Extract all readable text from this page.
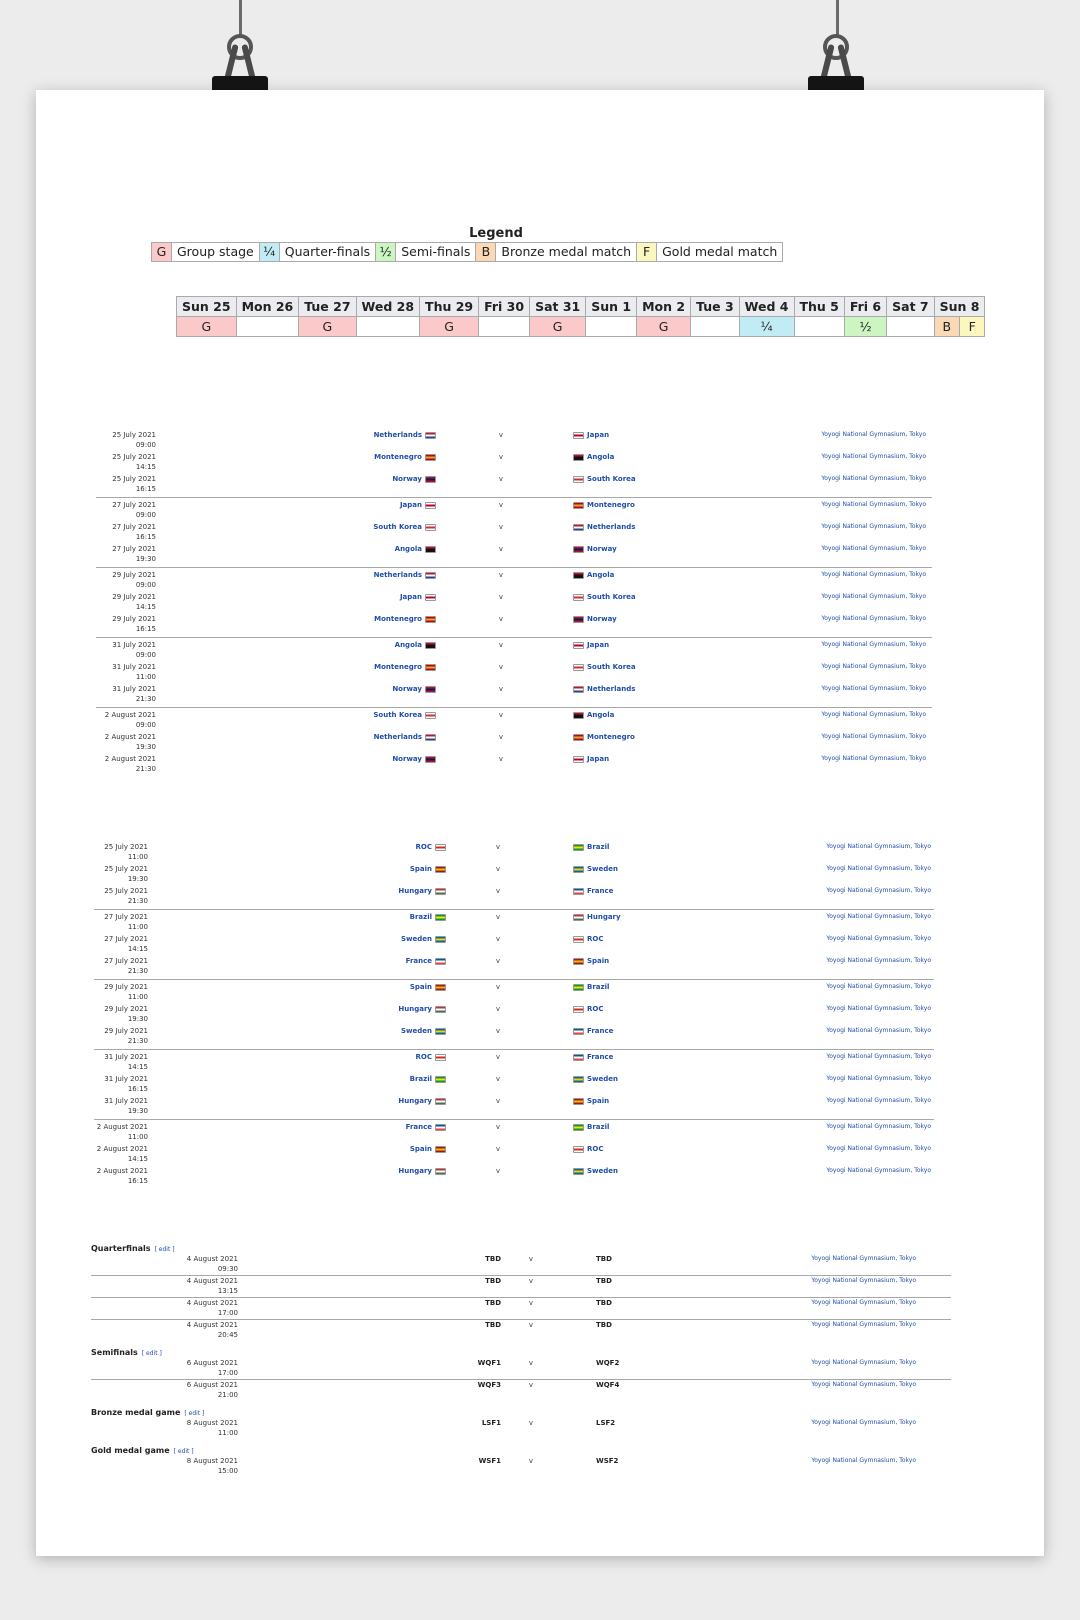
Legend
G Group stage ¼ Quarter-finals ½ Semi-finals B Bronze medal match F Gold medal match
Sun 25	Mon 26	Tue 27	Wed 28	Thu 29	Fri 30	Sat 31	Sun 1	Mon 2	Tue 3	Wed 4	Thu 5	Fri 6	Sat 7	Sun 8
G		G		G		G		G		¼		½		B F
25 July 2021
09:00
Netherlands	v	Japan	Yoyogi National Gymnasium, Tokyo
25 July 2021
14:15
Montenegro	v	Angola	Yoyogi National Gymnasium, Tokyo
25 July 2021
16:15
Norway	v	South Korea	Yoyogi National Gymnasium, Tokyo
27 July 2021
09:00
Japan	v	Montenegro	Yoyogi National Gymnasium, Tokyo
27 July 2021
16:15
South Korea	v	Netherlands	Yoyogi National Gymnasium, Tokyo
27 July 2021
19:30
Angola	v	Norway	Yoyogi National Gymnasium, Tokyo
29 July 2021
09:00
Netherlands	v	Angola	Yoyogi National Gymnasium, Tokyo
29 July 2021
14:15
Japan	v	South Korea	Yoyogi National Gymnasium, Tokyo
29 July 2021
16:15
Montenegro	v	Norway	Yoyogi National Gymnasium, Tokyo
31 July 2021
09:00
Angola	v	Japan	Yoyogi National Gymnasium, Tokyo
31 July 2021
11:00
Montenegro	v	South Korea	Yoyogi National Gymnasium, Tokyo
31 July 2021
21:30
Norway	v	Netherlands	Yoyogi National Gymnasium, Tokyo
2 August 2021
09:00
South Korea	v	Angola	Yoyogi National Gymnasium, Tokyo
2 August 2021
19:30
Netherlands	v	Montenegro	Yoyogi National Gymnasium, Tokyo
2 August 2021
21:30
Norway	v	Japan	Yoyogi National Gymnasium, Tokyo
25 July 2021
11:00
ROC	v	Brazil	Yoyogi National Gymnasium, Tokyo
25 July 2021
19:30
Spain	v	Sweden	Yoyogi National Gymnasium, Tokyo
25 July 2021
21:30
Hungary	v	France	Yoyogi National Gymnasium, Tokyo
27 July 2021
11:00
Brazil	v	Hungary	Yoyogi National Gymnasium, Tokyo
27 July 2021
14:15
Sweden	v	ROC	Yoyogi National Gymnasium, Tokyo
27 July 2021
21:30
France	v	Spain	Yoyogi National Gymnasium, Tokyo
29 July 2021
11:00
Spain	v	Brazil	Yoyogi National Gymnasium, Tokyo
29 July 2021
19:30
Hungary	v	ROC	Yoyogi National Gymnasium, Tokyo
29 July 2021
21:30
Sweden	v	France	Yoyogi National Gymnasium, Tokyo
31 July 2021
14:15
ROC	v	France	Yoyogi National Gymnasium, Tokyo
31 July 2021
16:15
Brazil	v	Sweden	Yoyogi National Gymnasium, Tokyo
31 July 2021
19:30
Hungary	v	Spain	Yoyogi National Gymnasium, Tokyo
2 August 2021
11:00
France	v	Brazil	Yoyogi National Gymnasium, Tokyo
2 August 2021
14:15
Spain	v	ROC	Yoyogi National Gymnasium, Tokyo
2 August 2021
16:15
Hungary	v	Sweden	Yoyogi National Gymnasium, Tokyo
Quarterfinals [ edit ]
4 August 2021
09:30
TBD	v	TBD	Yoyogi National Gymnasium, Tokyo
4 August 2021
13:15
TBD	v	TBD	Yoyogi National Gymnasium, Tokyo
4 August 2021
17:00
TBD	v	TBD	Yoyogi National Gymnasium, Tokyo
4 August 2021
20:45
TBD	v	TBD	Yoyogi National Gymnasium, Tokyo
Semifinals [ edit ]
6 August 2021
17:00
WQF1	v	WQF2	Yoyogi National Gymnasium, Tokyo
6 August 2021
21:00
WQF3	v	WQF4	Yoyogi National Gymnasium, Tokyo
Bronze medal game [ edit ]
8 August 2021
11:00
LSF1	v	LSF2	Yoyogi National Gymnasium, Tokyo
Gold medal game [ edit ]
8 August 2021
15:00
WSF1	v	WSF2	Yoyogi National Gymnasium, Tokyo
